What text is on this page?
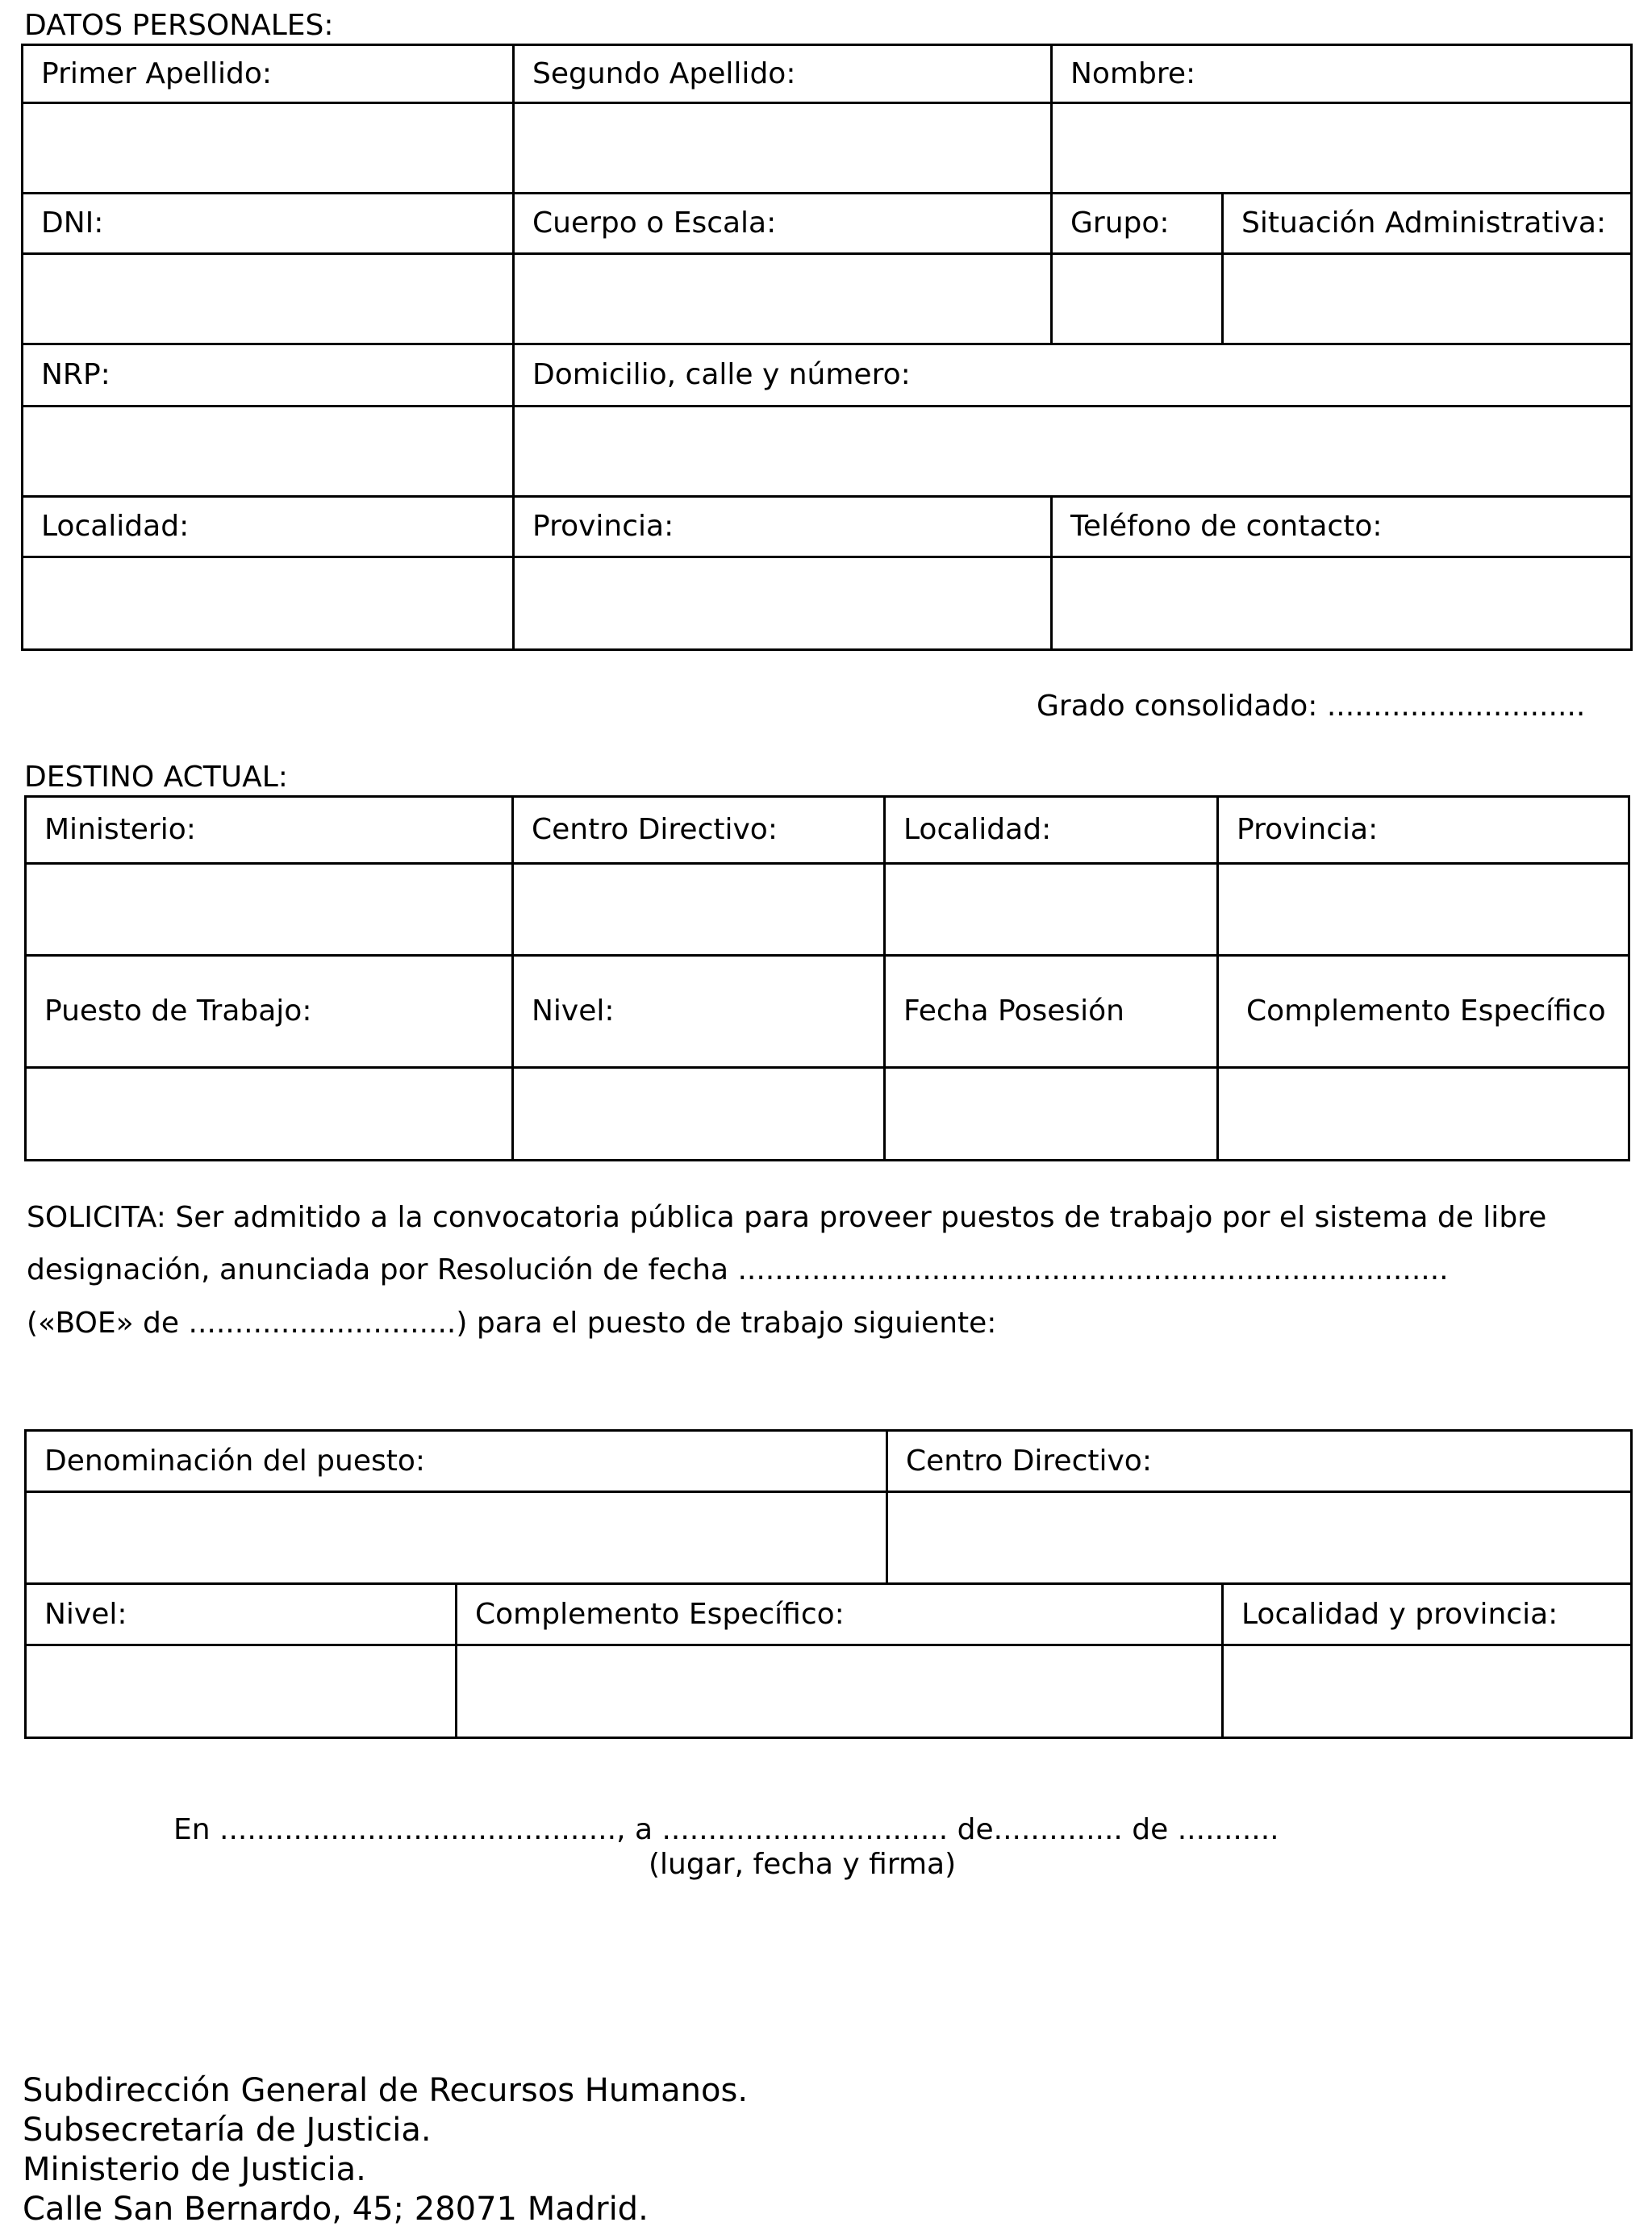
DATOS PERSONALES:
Primer Apellido:	Segundo Apellido:	Nombre:
DNI:	Cuerpo o Escala:	Grupo: Situación Administrativa:
NRP:	Domicilio, calle y número:
Localidad:	Provincia:	Teléfono de contacto:
Grado consolidado: ............................
DESTINO ACTUAL:
Ministerio:	Centro Directivo:	Localidad:	Provincia:
Puesto de Trabajo:	Nivel:	Fecha Posesión	Complemento Específico
SOLICITA: Ser admitido a la convocatoria pública para proveer puestos de trabajo por el sistema de libre
designación, anunciada por Resolución de fecha .............................................................................
(«BOE» de .............................) para el puesto de trabajo siguiente:
Denominación del puesto:	Centro Directivo:
Nivel:	Complemento Específico:	Localidad y provincia:
En ..........................................., a ............................... de.............. de ...........
(lugar, fecha y firma)
Subdirección General de Recursos Humanos.
Subsecretaría de Justicia.
Ministerio de Justicia.
Calle San Bernardo, 45; 28071 Madrid.
